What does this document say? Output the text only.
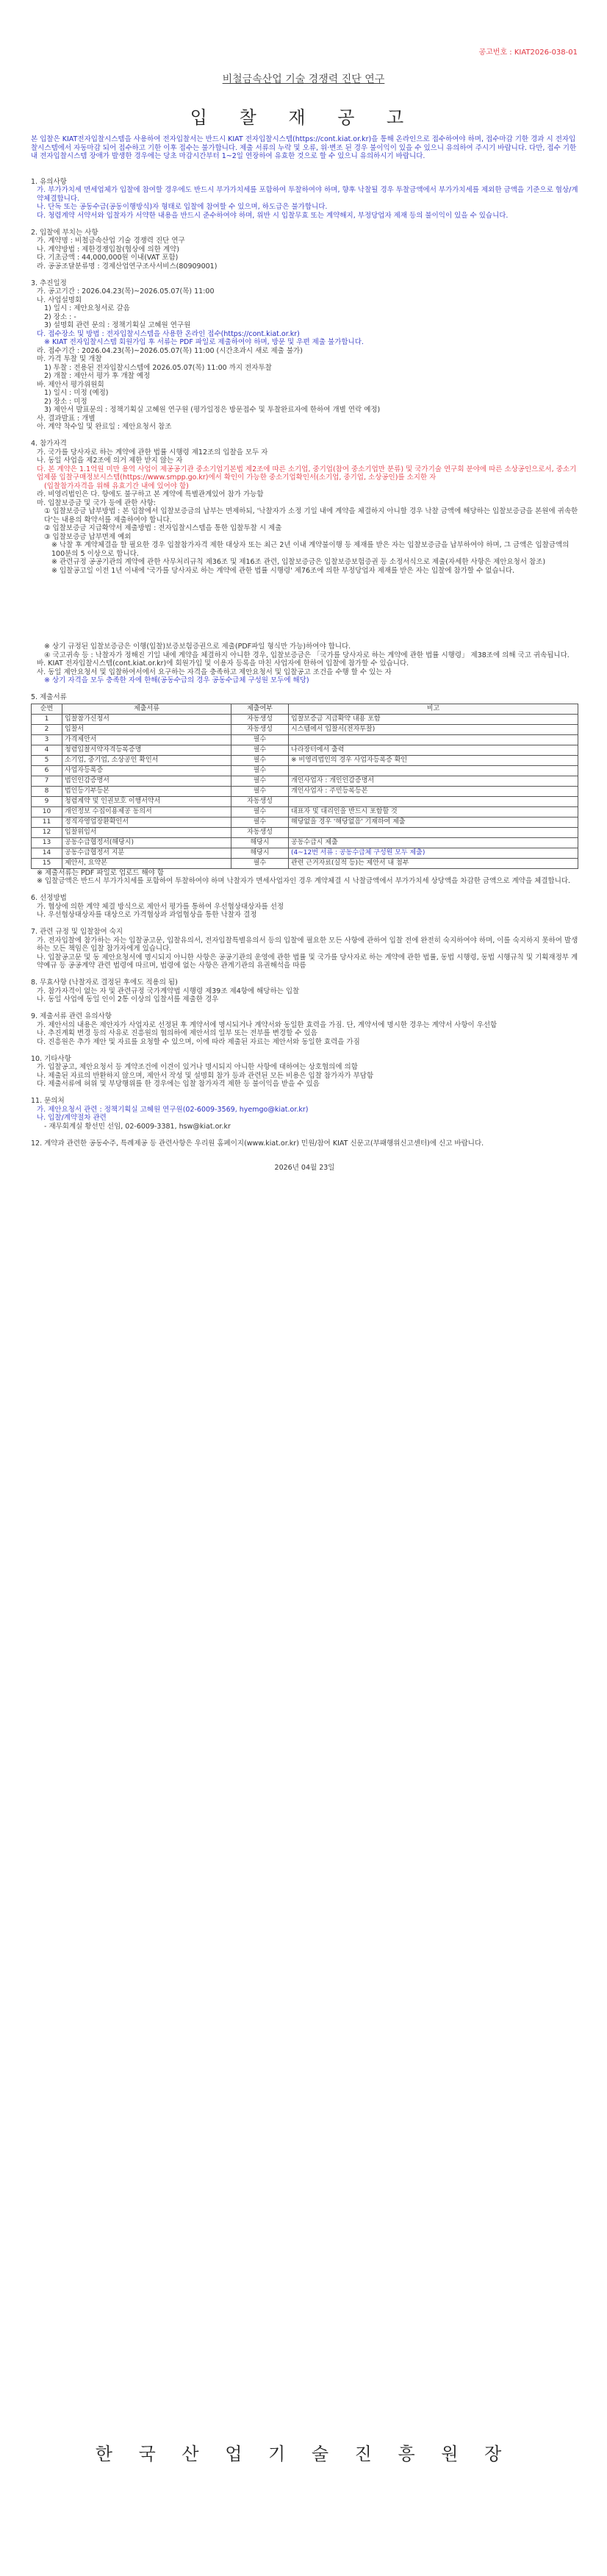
공고번호 : KIAT2026-038-01
비철금속산업 기술 경쟁력 진단 연구
입 찰 재 공 고

본 입찰은 KIAT전자입찰시스템을 사용하여 전자입찰서는 반드시 KIAT 전자입찰시스템(https://cont.kiat.or.kr)을 통해 온라인으로 접수하여야 하며, 접수마감 기한 경과 시 전자입찰시스템에서 자동마감 되어 접수하고 기한 이후 접수는 불가합니다. 제출 서류의 누락 및 오류, 위·변조 된 경우 불이익이 있을 수 있으니 유의하여 주시기 바랍니다. 다만, 접수 기한 내 전자입찰시스템 장애가 발생한 경우에는 당초 마감시간부터 1~2일 연장하여 유효한 것으로 할 수 있으니 유의하시기 바랍니다.

1. 유의사항

가. 부가가치세 면세업체가 입찰에 참여할 경우에도 반드시 부가가치세를 포함하여 투찰하여야 하며, 향후 낙찰될 경우 투찰금액에서 부가가치세를 제외한 금액을 기준으로 협상/계약체결합니다.

나. 단독 또는 공동수급(공동이행방식)자 형태로 입찰에 참여할 수 있으며, 하도급은 불가합니다.

다. 청렴계약 서약서와 입찰자가 서약한 내용을 반드시 준수하여야 하며, 위반 시 입찰무효 또는 계약해지, 부정당업자 제재 등의 불이익이 있을 수 있습니다.

2. 입찰에 부치는 사항

가. 계약명 : 비철금속산업 기술 경쟁력 진단 연구

나. 계약방법 : 제한경쟁입찰(협상에 의한 계약)

다. 기초금액 : 44,000,000원 이내(VAT 포함)

라. 공공조달분류명 : 경제산업연구조사서비스(80909001)

3. 추진일정

가. 공고기간 : 2026.04.23(목)~2026.05.07(목) 11:00

나. 사업설명회

1) 일시 : 제안요청서로 갈음

2) 장소 : -

3) 설명회 관련 문의 : 정책기획실 고혜원 연구원

다. 접수장소 및 방법 : 전자입찰시스템을 사용한 온라인 접수(https://cont.kiat.or.kr)

※ KIAT 전자입찰시스템 회원가입 후 서류는 PDF 파일로 제출하여야 하며, 방문 및 우편 제출 불가합니다.

라. 접수기간 : 2026.04.23(목)~2026.05.07(목) 11:00 (시간초과시 새로 제출 불가)

마. 가격 투찰 및 개찰

1) 투찰 : 전용된 전자입찰시스템에 2026.05.07(목) 11:00 까지 전자투찰

2) 개찰 : 제안서 평가 후 개찰 예정

바. 제안서 평가위원회

1) 일시 : 미정 (예정)

2) 장소 : 미정

3) 제안서 발표문의 : 정책기획실 고혜원 연구원 (평가일정은 방문접수 및 투찰완료자에 한하여 개별 연락 예정)

사. 결과발표 : 개별

아. 계약 착수일 및 완료일 : 제안요청서 참조

4. 참가자격

가. 국가를 당사자로 하는 계약에 관한 법률 시행령 제12조의 입찰을 모두 자

나. 동일 사업을 제2조에 의거 제한 받지 않는 자

다. 본 계약은 1.1억원 미만 용역 사업이 제공공기관 중소기업기본법 제2조에 따른 소기업, 중기업(참여 중소기업만 분류) 및 국가기술 연구회 분야에 따른 소상공인으로서, 중소기업제품 입찰구매정보시스템(https://www.smpp.go.kr)에서 확인이 가능한 중소기업확인서(소기업, 중기업, 소상공인)를 소지한 자

(입찰참가자격을 위해 유효기간 내에 있어야 함)

라. 비영리법인은 다. 항에도 불구하고 본 계약에 특별관계있어 참가 가능함

마. 입찰보증금 및 국가 등에 관한 사항:

① 입찰보증금 납부방법 : 본 입찰에서 입찰보증금의 납부는 면제하되, '낙찰자가 소정 기일 내에 계약을 체결하지 아니할 경우 낙찰 금액에 해당하는 입찰보증금을 본원에 귀속한다'는 내용의 확약서를 제출하여야 합니다.

② 입찰보증금 지급확약서 제출방법 : 전자입찰시스템을 통한 입찰투찰 시 제출

③ 입찰보증금 납부면제 예외

※ 낙찰 후 계약체결을 할 필요한 경우 입찰참가자격 제한 대상자 또는 최근 2년 이내 계약불이행 등 제재를 받은 자는 입찰보증금을 납부하여야 하며, 그 금액은 입찰금액의 100분의 5 이상으로 합니다.

※ 관련규정 공공기관의 계약에 관한 사무처리규칙 제36조 및 제16조 관련, 입찰보증금은 입찰보증보험증권 등 소정서식으로 제출(자세한 사항은 제안요청서 참조)

※ 입찰공고일 이전 1년 이내에 '국가를 당사자로 하는 계약에 관한 법률 시행령' 제76조에 의한 부정당업자 제재를 받은 자는 입찰에 참가할 수 없습니다.

※ 상기 규정된 입찰보증금은 이행(입찰)보증보험증권으로 제출(PDF파일 형식만 가능)하여야 합니다.

④ 국고귀속 등 : 낙찰자가 정해진 기일 내에 계약을 체결하지 아니한 경우, 입찰보증금은 「국가를 당사자로 하는 계약에 관한 법률 시행령」 제38조에 의해 국고 귀속됩니다.

바. KIAT 전자입찰시스템(cont.kiat.or.kr)에 회원가입 및 이용자 등록을 마친 사업자에 한하여 입찰에 참가할 수 있습니다.

사. 동일 제안요청서 및 입찰하여서에서 요구하는 자격을 충족하고 제안요청서 및 입찰공고 조건을 수행 할 수 있는 자

※ 상기 자격을 모두 충족한 자에 한해(공동수급의 경우 공동수급체 구성원 모두에 해당)

5. 제출서류

순번	제출서류	제출여부	비고
1	입찰참가신청서	자동생성	입찰보증금 지급확약 내용 포함
2	입찰서	자동생성	시스템에서 입찰서(전자투찰)
3	가격제안서	필수	
4	청렴입찰서약자격등록증명	필수	나라장터에서 출력
5	소기업, 중기업, 소상공인 확인서	필수	※ 비영리법인의 경우 사업자등록증 확인
6	사업자등록증	필수	
7	법인인감증명서	필수	개인사업자 : 개인인감증명서
8	법인등기부등본	필수	개인사업자 : 주민등록등본
9	청렴계약 및 인권보호 이행서약서	자동생성	
10	개인정보 수집이용제공 동의서	필수	대표자 및 대리인을 반드시 포함할 것
11	정직자영업장환확인서	필수	해당없을 경우 '해당없음' 기재하여 제출
12	입찰위임서	자동생성	
13	공동수급협정서(해당시)	해당시	공동수급시 제출
14	공동수급협정서 지분	해당시	(4~12번 서류 : 공동수급체 구성원 모두 제출)
15	제안서, 요약본	필수	관련 근거자료(실적 등)는 제안서 내 첨부

※ 제출서류는 PDF 파일로 업로드 해야 함

※ 입찰금액은 반드시 부가가치세를 포함하여 투찰하여야 하며 낙찰자가 면세사업자인 경우 계약체결 시 낙찰금액에서 부가가치세 상당액을 차감한 금액으로 계약을 체결합니다.

6. 선정방법

가. 협상에 의한 계약 체결 방식으로 제안서 평가를 통하여 우선협상대상자를 선정

나. 우선협상대상자를 대상으로 가격협상과 과업협상을 통한 낙찰자 결정

7. 관련 규정 및 입찰참여 숙지

가. 전자입찰에 참가하는 자는 입찰공고문, 입찰유의서, 전자입찰특별유의서 등의 입찰에 필요한 모든 사항에 관하여 입찰 전에 완전히 숙지하여야 하며, 이를 숙지하지 못하여 발생하는 모든 책임은 입찰 참가자에게 있습니다.

나. 입찰공고문 및 동 제안요청서에 명시되지 아니한 사항은 공공기관의 운영에 관한 법률 및 국가를 당사자로 하는 계약에 관한 법률, 동법 시행령, 동법 시행규칙 및 기획재정부 계약예규 등 공공계약 관련 법령에 따르며, 법령에 없는 사항은 관계기관의 유권해석을 따름

8. 무효사항 (낙찰자로 결정된 후에도 적용의 됨)

가. 참가자격이 없는 자 및 관련규정 국가계약법 시행령 제39조 제4항에 해당하는 입찰

나. 동일 사업에 동일 인이 2통 이상의 입찰서를 제출한 경우

9. 제출서류 관련 유의사항

가. 제안서의 내용은 제안자가 사업자로 선정된 후 계약서에 명시되거나 계약서와 동일한 효력을 가짐. 단, 계약서에 명시한 경우는 계약서 사항이 우선함

나. 추진계획 변경 등의 사유로 진흥원의 협의하에 제안서의 일부 또는 전부를 변경할 수 있음

다. 진흥원은 추가 제안 및 자료를 요청할 수 있으며, 이에 따라 제출된 자료는 제안서와 동일한 효력을 가짐

10. 기타사항

가. 입찰공고, 제안요청서 등 계약조건에 이견이 있거나 명시되지 아니한 사항에 대하여는 상호협의에 의함

나. 제출된 자료의 반환하지 않으며, 제안서 작성 및 설명회 참가 등과 관련된 모든 비용은 입찰 참가자가 부담함

다. 제출서류에 허위 및 부당행위를 한 경우에는 입찰 참가자격 제한 등 불이익을 받을 수 있음

11. 문의처

가. 제안요청서 관련 : 정책기획실 고혜원 연구원(02-6009-3569, hyemgo@kiat.or.kr)

나. 입찰/계약절차 관련

- 재무회계실 황선민 선임, 02-6009-3381, hsw@kiat.or.kr

12. 계약과 관련한 공동수주, 특례제공 등 관련사항은 우리원 홈페이지(www.kiat.or.kr) 민원/참여 KIAT 신문고(부패행위신고센터)에 신고 바랍니다.

2026년 04월 23일
한 국 산 업 기 술 진 흥 원 장
